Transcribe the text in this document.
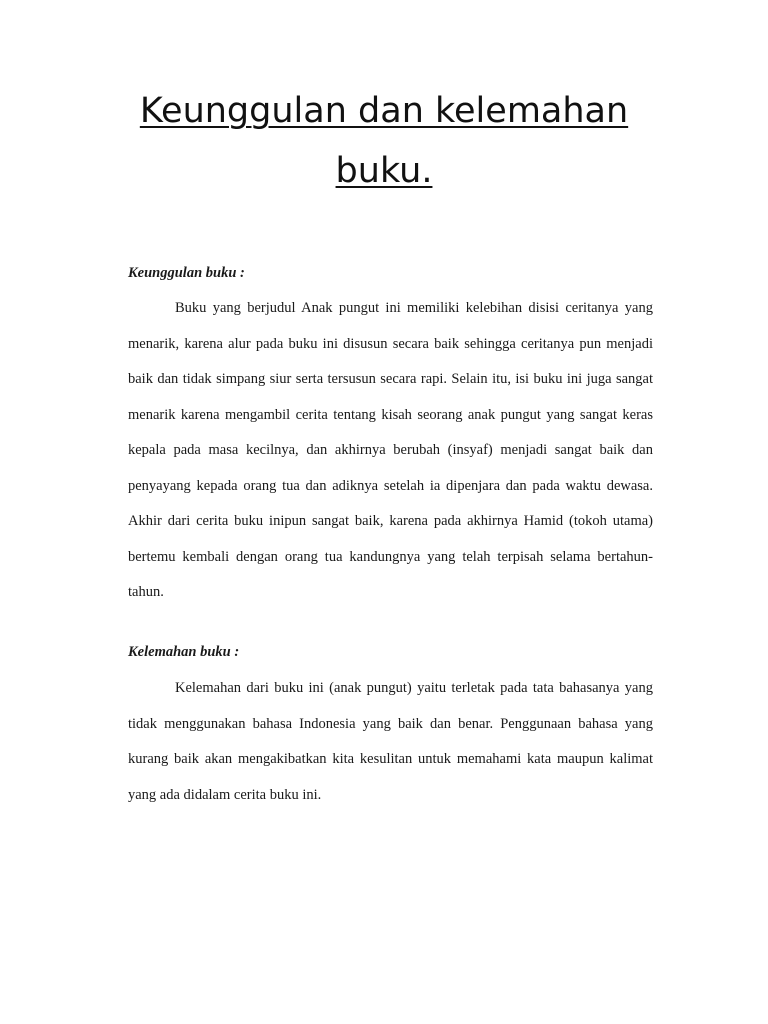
Keunggulan dan kelemahan
buku.
Keunggulan buku :

Buku yang berjudul Anak pungut ini memiliki kelebihan disisi ceritanya yang menarik, karena alur pada buku ini disusun secara baik sehingga ceritanya pun menjadi baik dan tidak simpang siur serta tersusun secara rapi. Selain itu, isi buku ini juga sangat menarik karena mengambil cerita tentang kisah seorang anak pungut yang sangat keras kepala pada masa kecilnya, dan akhirnya berubah (insyaf) menjadi sangat baik dan penyayang kepada orang tua dan adiknya setelah ia dipenjara dan pada waktu dewasa. Akhir dari cerita buku inipun sangat baik, karena pada akhirnya Hamid (tokoh utama) bertemu kembali dengan orang tua kandungnya yang telah terpisah selama bertahun-tahun.

Kelemahan buku :

Kelemahan dari buku ini (anak pungut) yaitu terletak pada tata bahasanya yang tidak menggunakan bahasa Indonesia yang baik dan benar. Penggunaan bahasa yang kurang baik akan mengakibatkan kita kesulitan untuk memahami kata maupun kalimat yang ada didalam cerita buku ini.
